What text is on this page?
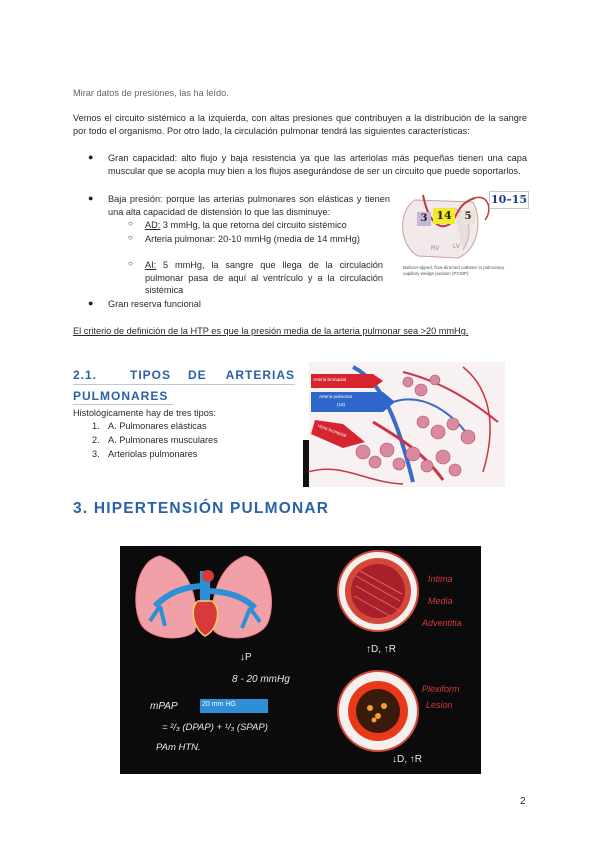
Mirar datos de presiones, las ha leído.
Vemos el circuito sistémico a la izquierda, con altas presiones que contribuyen a la distribución de la sangre por todo el organismo. Por otro lado, la circulación pulmonar tendrá las siguientes características:
● Gran capacidad: alto flujo y baja resistencia ya que las arteriolas más pequeñas tienen una capa muscular que se acopla muy bien a los flujos asegurándose de ser un circuito que puede soportarlos.
● Baja presión: porque las arterias pulmonares son elásticas y tienen una alta capacidad de distensión lo que las disminuye:
○ AD: 3 mmHg, la que retorna del circuito sistémico
○ Arteria pulmonar: 20-10 mmHg (media de 14 mmHg)
○ AI: 5 mmHg, la sangre que llega de la circulación pulmonar pasa de aquí al ventrículo y a la circulación sistémica
● Gran reserva funcional
LV
RV
3 14	5
10–15
Balloon-tipped, flow-directed catheter in pulmonary capillary wedge position (PCWP)
El criterio de definición de la HTP es que la presión media de la arteria pulmonar sea >20 mmHg.
2.1.	TIPOS DE ARTERIAS
PULMONARES
Histológicamente hay de tres tipos:
1. A. Pulmonares elásticas
2. A. Pulmonares musculares
3. Arteriolas pulmonares
Arteria bronquial
Arteria pulmonar
(18)
Vena bronquial
3. HIPERTENSIÓN PULMONAR
↓P
8 - 20 mmHg
mPAP	20 mm HG
= ²/₃ (DPAP) + ¹/₃ (SPAP)
PAm HTN.
Intima
Media
Adventitia
↑D, ↑R
Plexiform
Lesion
↓D, ↑R
2
